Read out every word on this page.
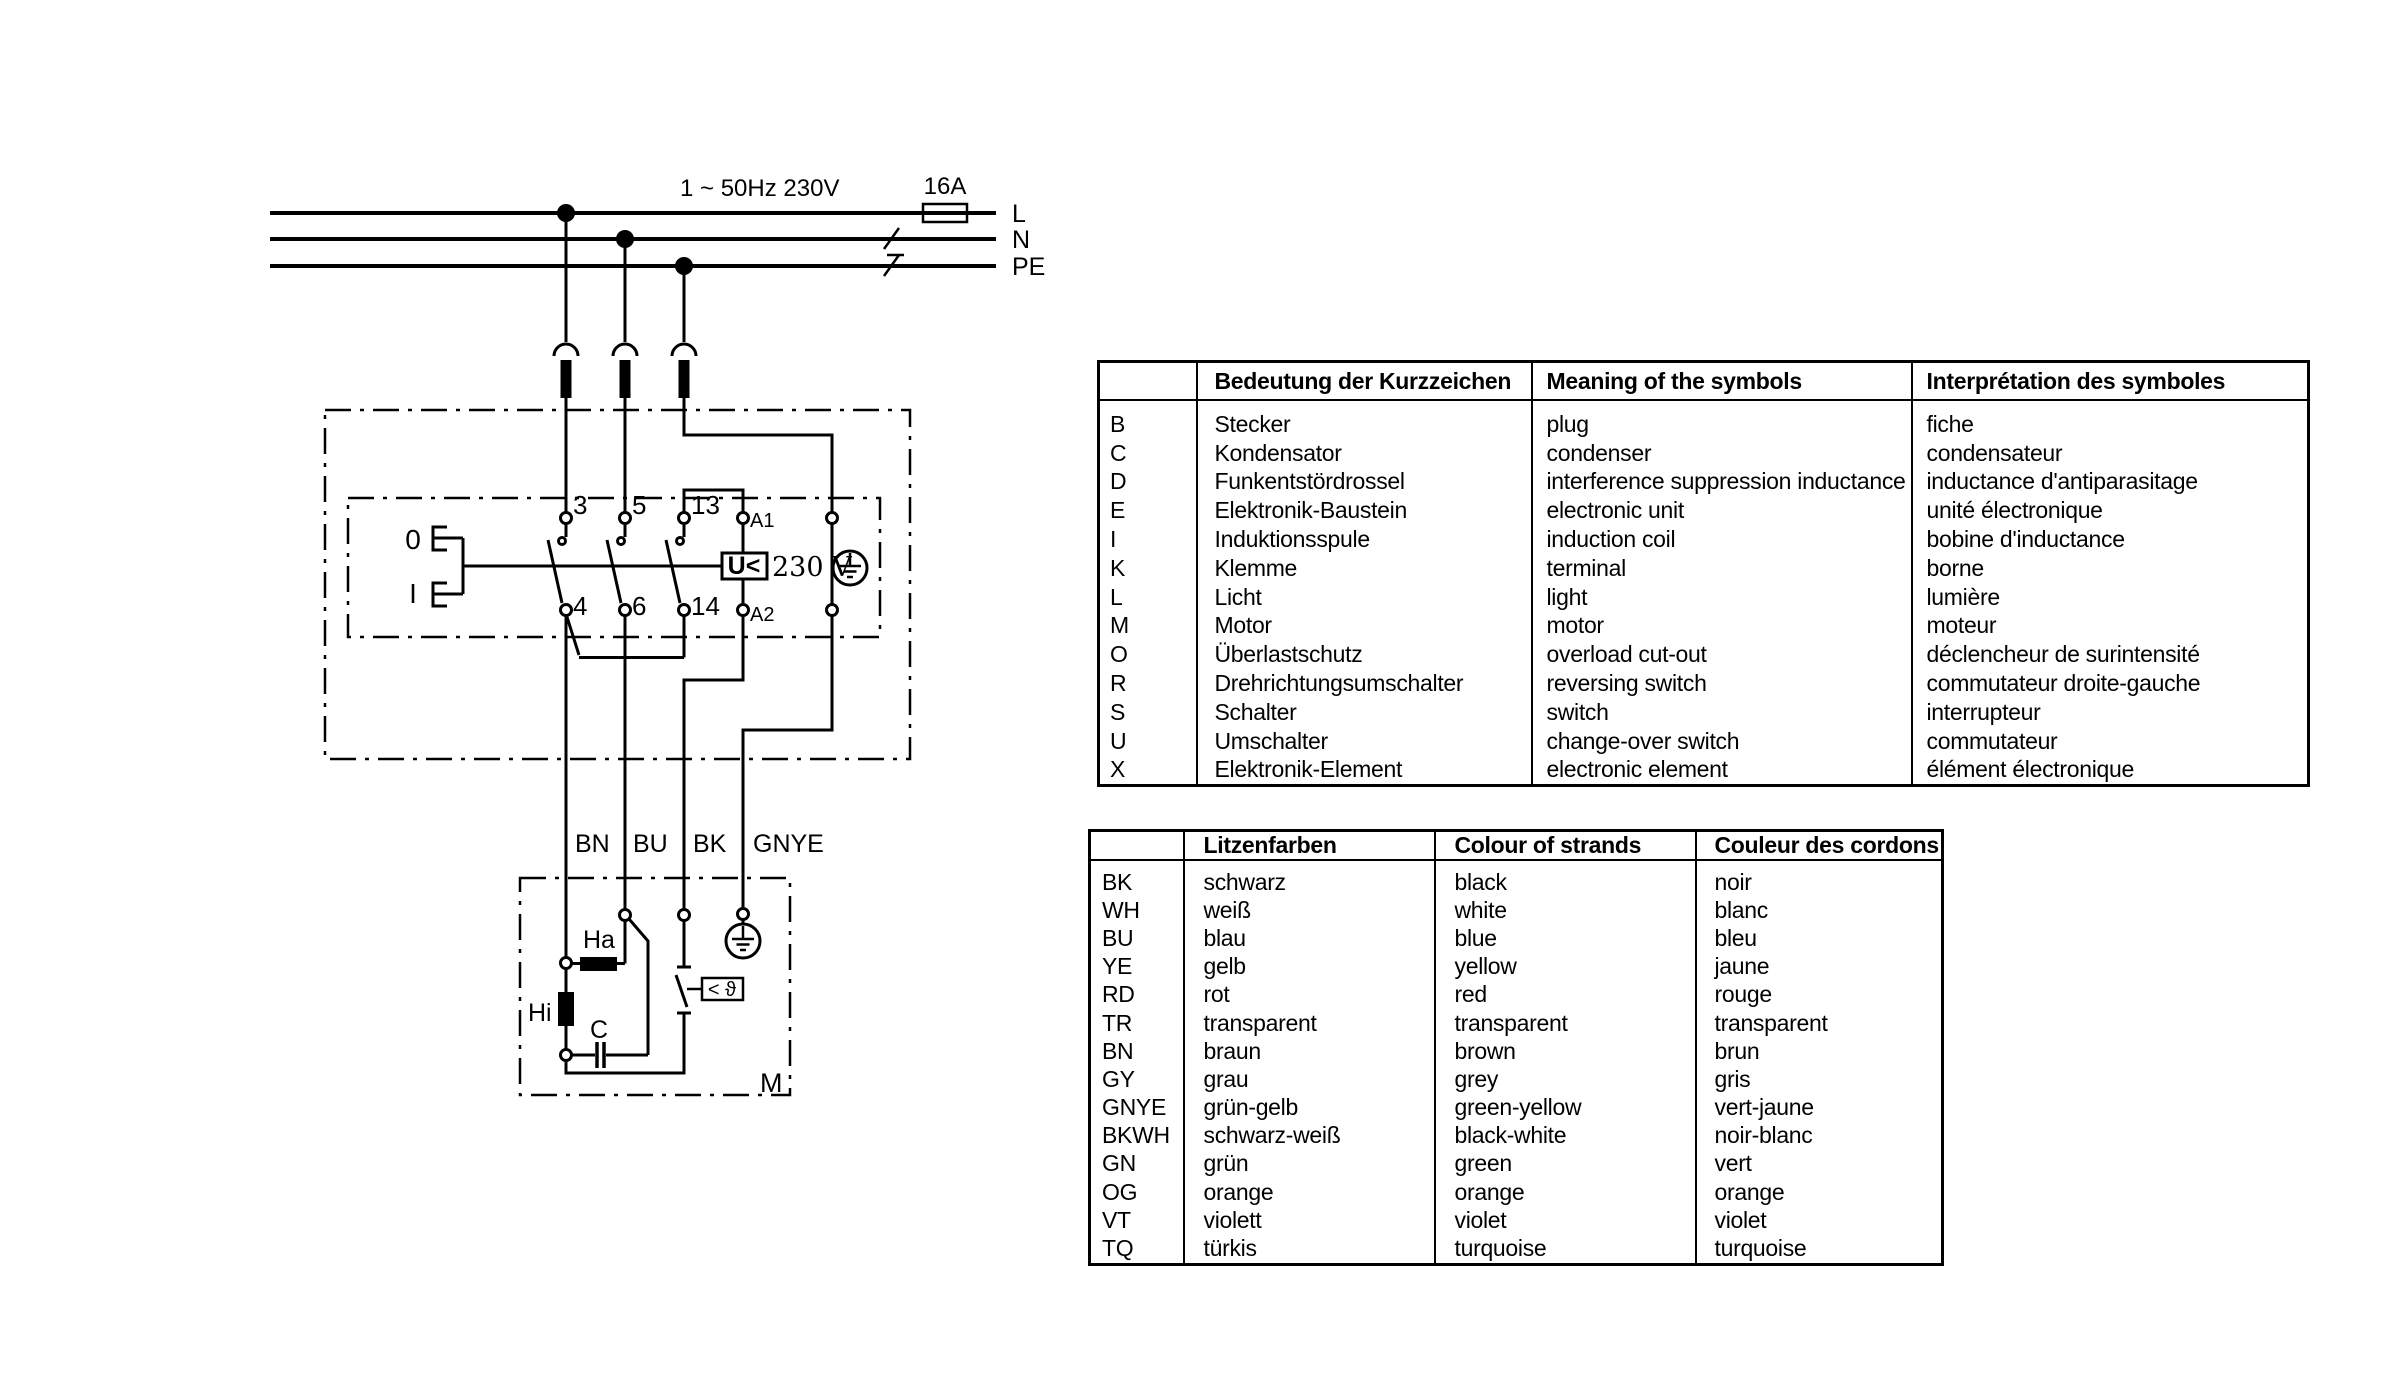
1 ~ 50Hz 230V
L
N
PE
16A
0
I
3
4
5
6
13
14
U< 230 V
A1
A2
BN BU BK GNYE
Ha
Hi
C
< ϑ
M
	Bedeutung der Kurzzeichen	Meaning of the symbols	Interprétation des symboles
B	Stecker	plug	fiche
C	Kondensator	condenser	condensateur
D	Funkentstördrossel	interference suppression inductance	inductance d'antiparasitage
E	Elektronik-Baustein	electronic unit	unité électronique
I	Induktionsspule	induction coil	bobine d'inductance
K	Klemme	terminal	borne
L	Licht	light	lumière
M	Motor	motor	moteur
O	Überlastschutz	overload cut-out	déclencheur de surintensité
R	Drehrichtungsumschalter	reversing switch	commutateur droite-gauche
S	Schalter	switch	interrupteur
U	Umschalter	change-over switch	commutateur
X	Elektronik-Element	electronic element	élément électronique
	Litzenfarben	Colour of strands	Couleur des cordons
BK	schwarz	black	noir
WH	weiß	white	blanc
BU	blau	blue	bleu
YE	gelb	yellow	jaune
RD	rot	red	rouge
TR	transparent	transparent	transparent
BN	braun	brown	brun
GY	grau	grey	gris
GNYE	grün-gelb	green-yellow	vert-jaune
BKWH	schwarz-weiß	black-white	noir-blanc
GN	grün	green	vert
OG	orange	orange	orange
VT	violett	violet	violet
TQ	türkis	turquoise	turquoise
